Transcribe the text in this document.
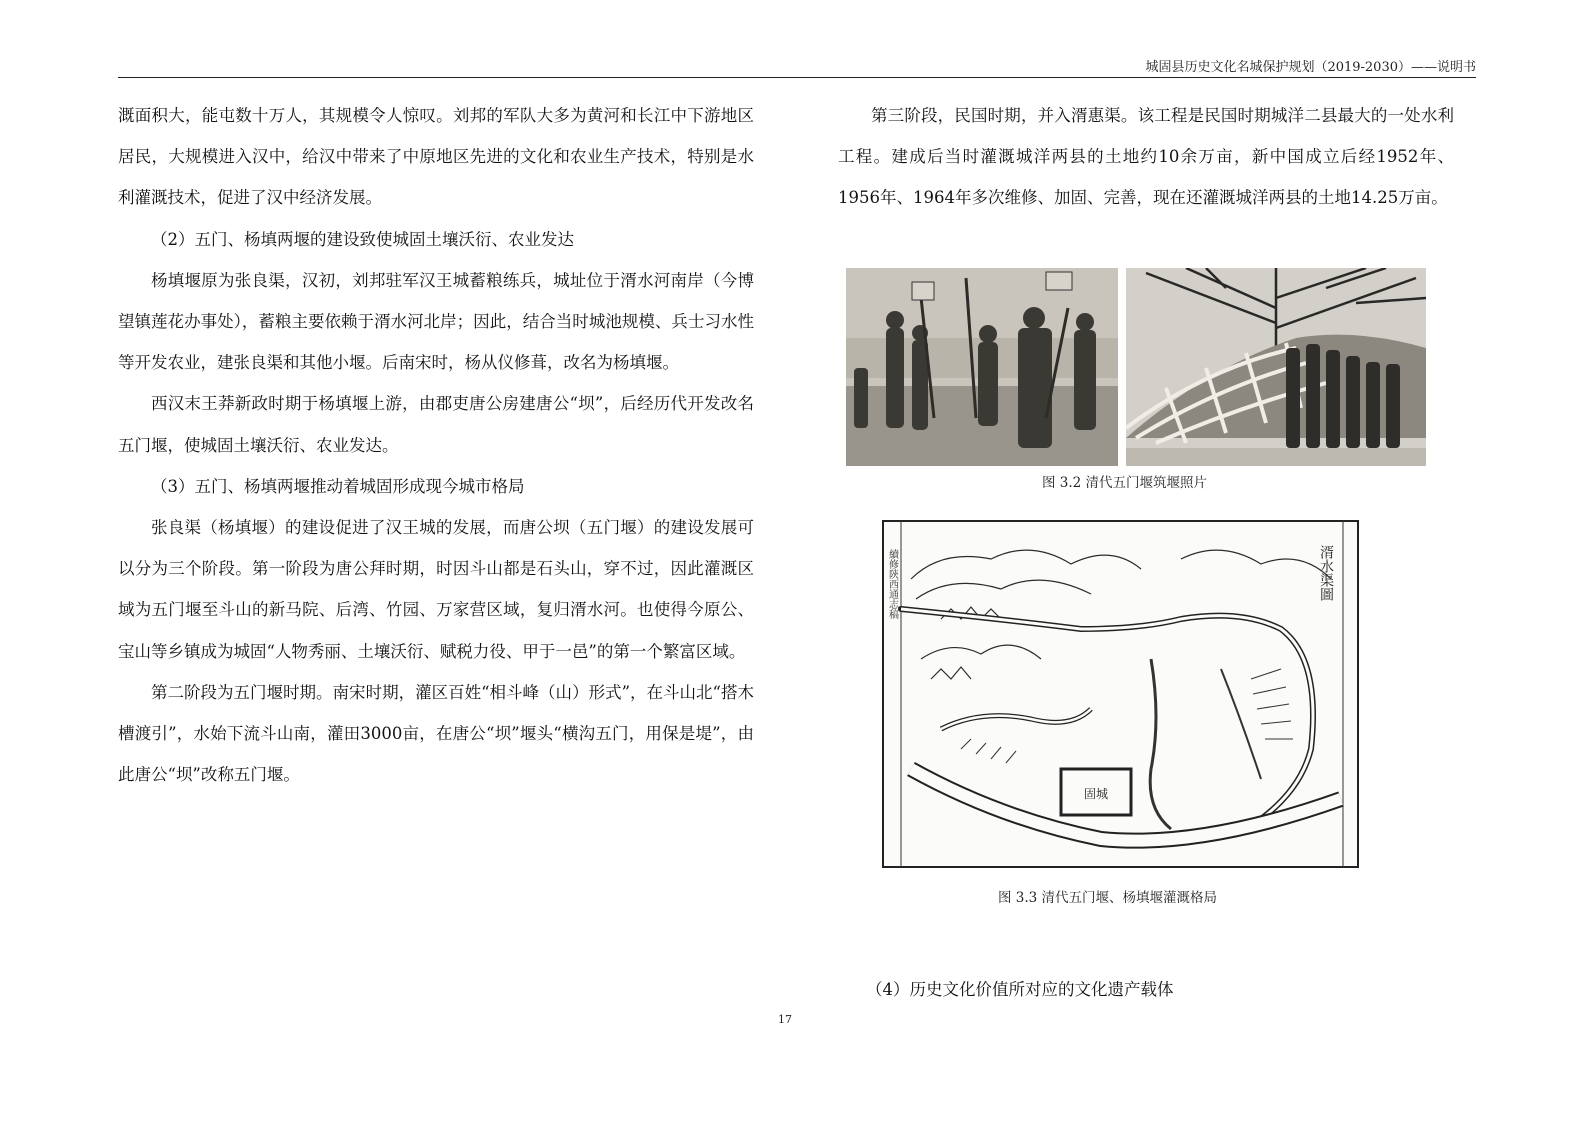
城固县历史文化名城保护规划（2019-2030）——说明书

溉面积大，能屯数十万人，其规模令人惊叹。刘邦的军队大多为黄河和长江中下游地区居民，大规模进入汉中，给汉中带来了中原地区先进的文化和农业生产技术，特别是水利灌溉技术，促进了汉中经济发展。

（2）五门、杨填两堰的建设致使城固土壤沃衍、农业发达

杨填堰原为张良渠，汉初，刘邦驻军汉王城蓄粮练兵，城址位于湑水河南岸（今博望镇莲花办事处），蓄粮主要依赖于湑水河北岸；因此，结合当时城池规模、兵士习水性等开发农业，建张良渠和其他小堰。后南宋时，杨从仪修葺，改名为杨填堰。

西汉末王莽新政时期于杨填堰上游，由郡吏唐公房建唐公“坝”，后经历代开发改名五门堰，使城固土壤沃衍、农业发达。

（3）五门、杨填两堰推动着城固形成现今城市格局

张良渠（杨填堰）的建设促进了汉王城的发展，而唐公坝（五门堰）的建设发展可以分为三个阶段。第一阶段为唐公拜时期，时因斗山都是石头山，穿不过，因此灌溉区域为五门堰至斗山的新马院、后湾、竹园、万家营区域，复归湑水河。也使得今原公、宝山等乡镇成为城固“人物秀丽、土壤沃衍、赋税力役、甲于一邑”的第一个繁富区域。

第二阶段为五门堰时期。南宋时期，灌区百姓“相斗峰（山）形式”，在斗山北“搭木槽渡引”，水始下流斗山南，灌田3000亩，在唐公“坝”堰头“横沟五门，用保是堤”，由此唐公“坝”改称五门堰。

第三阶段，民国时期，并入湑惠渠。该工程是民国时期城洋二县最大的一处水利工程。建成后当时灌溉城洋两县的土地约10余万亩，新中国成立后经1952年、1956年、1964年多次维修、加固、完善，现在还灌溉城洋两县的土地14.25万亩。

图 3.2 清代五门堰筑堰照片
固城
湑水渠圖
續修陝西通志稿
图 3.3 清代五门堰、杨填堰灌溉格局
（4）历史文化价值所对应的文化遗产载体
17
